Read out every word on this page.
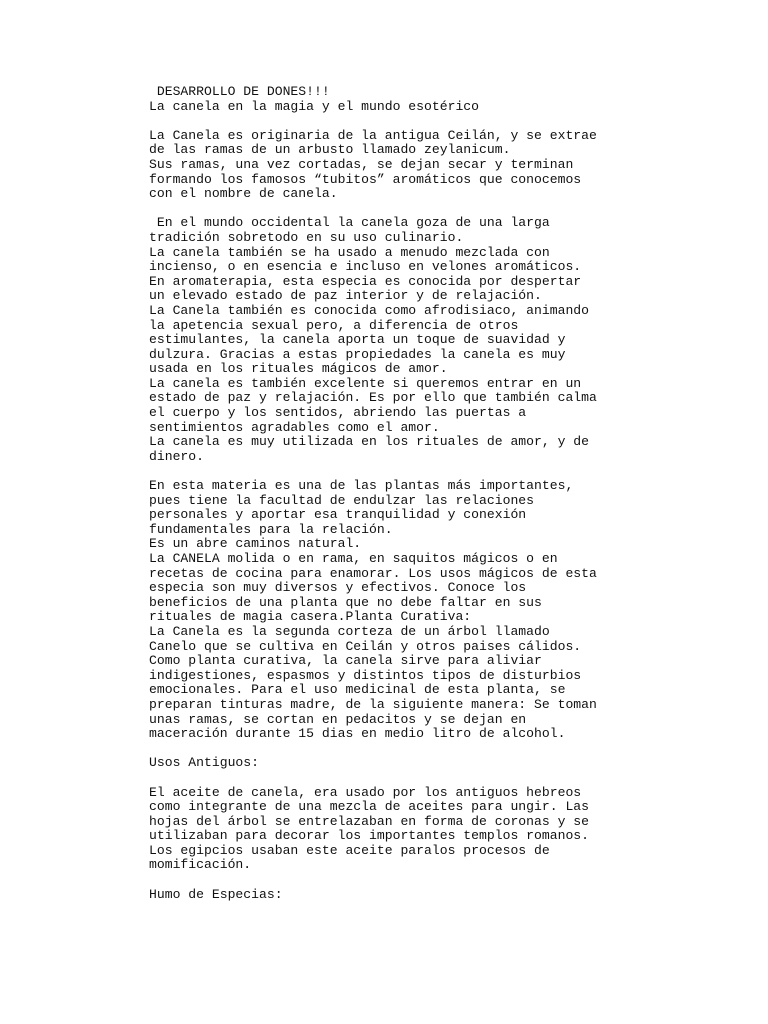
DESARROLLO DE DONES!!!
La canela en la magia y el mundo esotérico
La Canela es originaria de la antigua Ceilán, y se extrae
de las ramas de un arbusto llamado zeylanicum.
Sus ramas, una vez cortadas, se dejan secar y terminan
formando los famosos “tubitos” aromáticos que conocemos
con el nombre de canela.
En el mundo occidental la canela goza de una larga
tradición sobretodo en su uso culinario.
La canela también se ha usado a menudo mezclada con
incienso, o en esencia e incluso en velones aromáticos.
En aromaterapia, esta especia es conocida por despertar
un elevado estado de paz interior y de relajación.
La Canela también es conocida como afrodisiaco, animando
la apetencia sexual pero, a diferencia de otros
estimulantes, la canela aporta un toque de suavidad y
dulzura. Gracias a estas propiedades la canela es muy
usada en los rituales mágicos de amor.
La canela es también excelente si queremos entrar en un
estado de paz y relajación. Es por ello que también calma
el cuerpo y los sentidos, abriendo las puertas a
sentimientos agradables como el amor.
La canela es muy utilizada en los rituales de amor, y de
dinero.
En esta materia es una de las plantas más importantes,
pues tiene la facultad de endulzar las relaciones
personales y aportar esa tranquilidad y conexión
fundamentales para la relación.
Es un abre caminos natural.
La CANELA molida o en rama, en saquitos mágicos o en
recetas de cocina para enamorar. Los usos mágicos de esta
especia son muy diversos y efectivos. Conoce los
beneficios de una planta que no debe faltar en sus
rituales de magia casera.Planta Curativa:
La Canela es la segunda corteza de un árbol llamado
Canelo que se cultiva en Ceilán y otros paises cálidos.
Como planta curativa, la canela sirve para aliviar
indigestiones, espasmos y distintos tipos de disturbios
emocionales. Para el uso medicinal de esta planta, se
preparan tinturas madre, de la siguiente manera: Se toman
unas ramas, se cortan en pedacitos y se dejan en
maceración durante 15 dias en medio litro de alcohol.
Usos Antiguos:
El aceite de canela, era usado por los antiguos hebreos
como integrante de una mezcla de aceites para ungir. Las
hojas del árbol se entrelazaban en forma de coronas y se
utilizaban para decorar los importantes templos romanos.
Los egipcios usaban este aceite paralos procesos de
momificación.
Humo de Especias:
